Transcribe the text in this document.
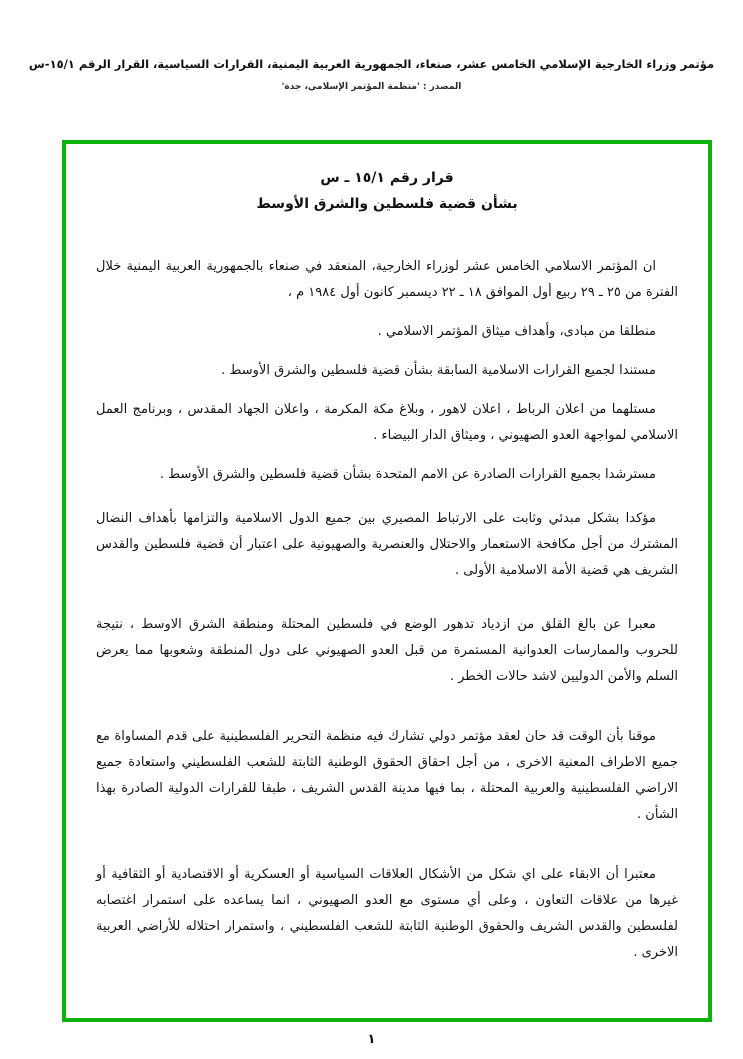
مؤتمر وزراء الخارجية الإسلامي الخامس عشر، صنعاء، الجمهورية العربية اليمنية، القرارات السياسية، القرار الرقم ١٥/١-س
المصدر : 'منظمة المؤتمر الإسلامي، جدة'
قرار رقم ١٥/١ ـ س
بشأن قضية فلسطين والشرق الأوسط

ان المؤتمر الاسلامي الخامس عشر لوزراء الخارجية، المنعقد في صنعاء بالجمهورية العربية اليمنية خلال الفترة من ٢٥ ـ ٢٩ ربيع أول الموافق ١٨ ـ ٢٢ ديسمبر كانون أول ١٩٨٤ م ،

منطلقا من مبادى، وأهداف ميثاق المؤتمر الاسلامي .

مستندا لجميع القرارات الاسلامية السابقة بشأن قضية فلسطين والشرق الأوسط .

مستلهما من اعلان الرباط ، اعلان لاهور ، وبلاغ مكة المكرمة ، واعلان الجهاد المقدس ، وبرنامج العمل الاسلامي لمواجهة العدو الصهيوني ، وميثاق الدار البيضاء .

مسترشدا بجميع القرارات الصادرة عن الامم المتحدة بشأن قضية فلسطين والشرق الأوسط .

مؤكدا بشكل مبدئي وثابت على الارتباط المصيري بين جميع الدول الاسلامية والتزامها بأهداف النضال المشترك من أجل مكافحة الاستعمار والاحتلال والعنصرية والصهيونية على اعتبار أن قضية فلسطين والقدس الشريف هي قضية الأمة الاسلامية الأولى .

معبرا عن بالغ القلق من ازدياد تدهور الوضع في فلسطين المحتلة ومنطقة الشرق الاوسط ، نتيجة للحروب والممارسات العدوانية المستمرة من قبل العدو الصهيوني على دول المنطقة وشعوبها مما يعرض السلم والأمن الدوليين لاشد حالات الخطر .

موقنا بأن الوقت قد حان لعقد مؤتمر دولي تشارك فيه منظمة التحرير الفلسطينية على قدم المساواة مع جميع الاطراف المعنية الاخرى ، من أجل احقاق الحقوق الوطنية الثابتة للشعب الفلسطيني واستعادة جميع الاراضي الفلسطينية والعربية المحتلة ، بما فيها مدينة القدس الشريف ، طبقا للقرارات الدولية الصادرة بهذا الشأن .

معتبرا أن الابقاء على اي شكل من الأشكال العلاقات السياسية أو العسكرية أو الاقتصادية أو الثقافية أو غيرها من علاقات التعاون ، وعلى أي مستوى مع العدو الصهيوني ، انما يساعده على استمرار اغتصابه لفلسطين والقدس الشريف والحقوق الوطنية الثابتة للشعب الفلسطيني ، واستمرار احتلاله للأراضي العربية الاخرى .

١
